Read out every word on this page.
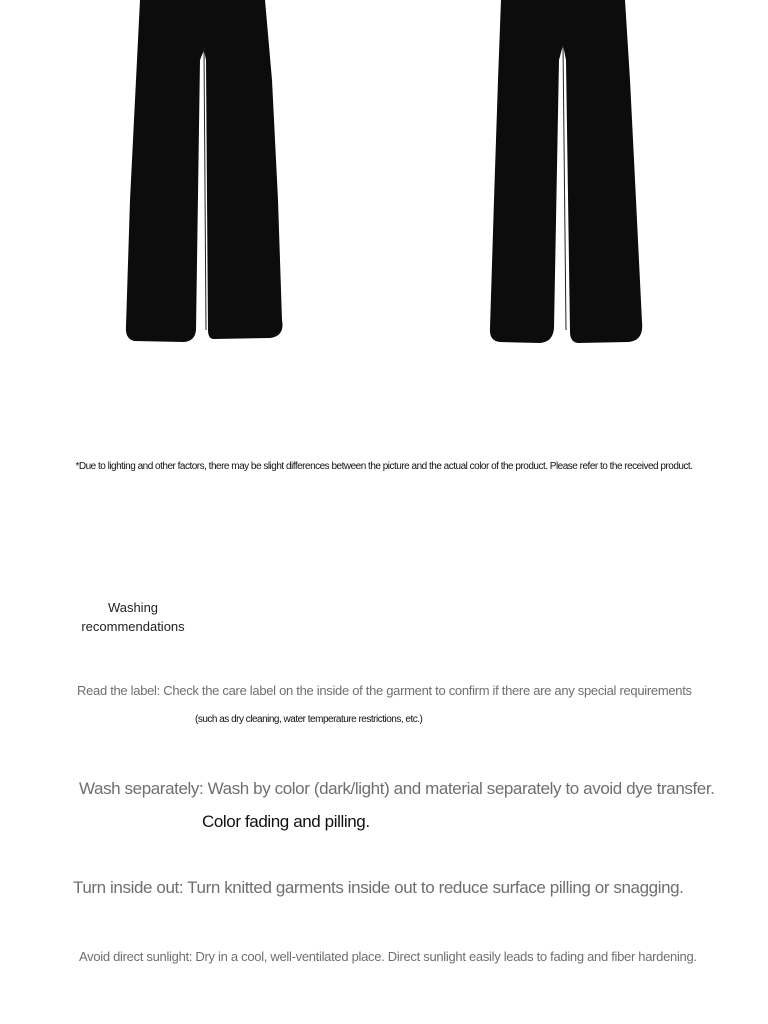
*Due to lighting and other factors, there may be slight differences between the picture and the actual color of the product. Please refer to the received product.
Washing
recommendations
Read the label: Check the care label on the inside of the garment to confirm if there are any special requirements
(such as dry cleaning, water temperature restrictions, etc.)
Wash separately: Wash by color (dark/light) and material separately to avoid dye transfer.
Color fading and pilling.
Turn inside out: Turn knitted garments inside out to reduce surface pilling or snagging.
Avoid direct sunlight: Dry in a cool, well-ventilated place. Direct sunlight easily leads to fading and fiber hardening.
